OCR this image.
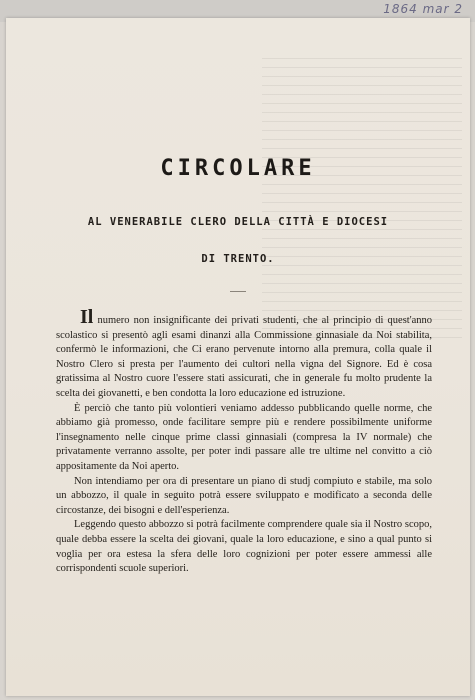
1864 mar 2
CIRCOLARE
AL VENERABILE CLERO DELLA CITTÀ E DIOCESI
DI TRENTO.

Il numero non insignificante dei privati studenti, che al principio di quest'anno scolastico si presentò agli esami dinanzi alla Commissione ginnasiale da Noi stabilita, confermò le informazioni, che Ci erano pervenute intorno alla premura, colla quale il Nostro Clero si presta per l'aumento dei cultori nella vigna del Signore. Ed è cosa gratissima al Nostro cuore l'essere stati assicurati, che in generale fu molto prudente la scelta dei giovanetti, e ben condotta la loro educazione ed istruzione.

È perciò che tanto più volontieri veniamo addesso pubblicando quelle norme, che abbiamo già promesso, onde facilitare sempre più e rendere possibilmente uniforme l'insegnamento nelle cinque prime classi ginnasiali (compresa la IV normale) che privatamente verranno assolte, per poter indi passare alle tre ultime nel convitto a ciò appositamente da Noi aperto.

Non intendiamo per ora di presentare un piano di studj compiuto e stabile, ma solo un abbozzo, il quale in seguito potrà essere sviluppato e modificato a seconda delle circostanze, dei bisogni e dell'esperienza.

Leggendo questo abbozzo si potrà facilmente comprendere quale sia il Nostro scopo, quale debba essere la scelta dei giovani, quale la loro educazione, e sino a qual punto si voglia per ora estesa la sfera delle loro cognizioni per poter essere ammessi alle corrispondenti scuole superiori.
